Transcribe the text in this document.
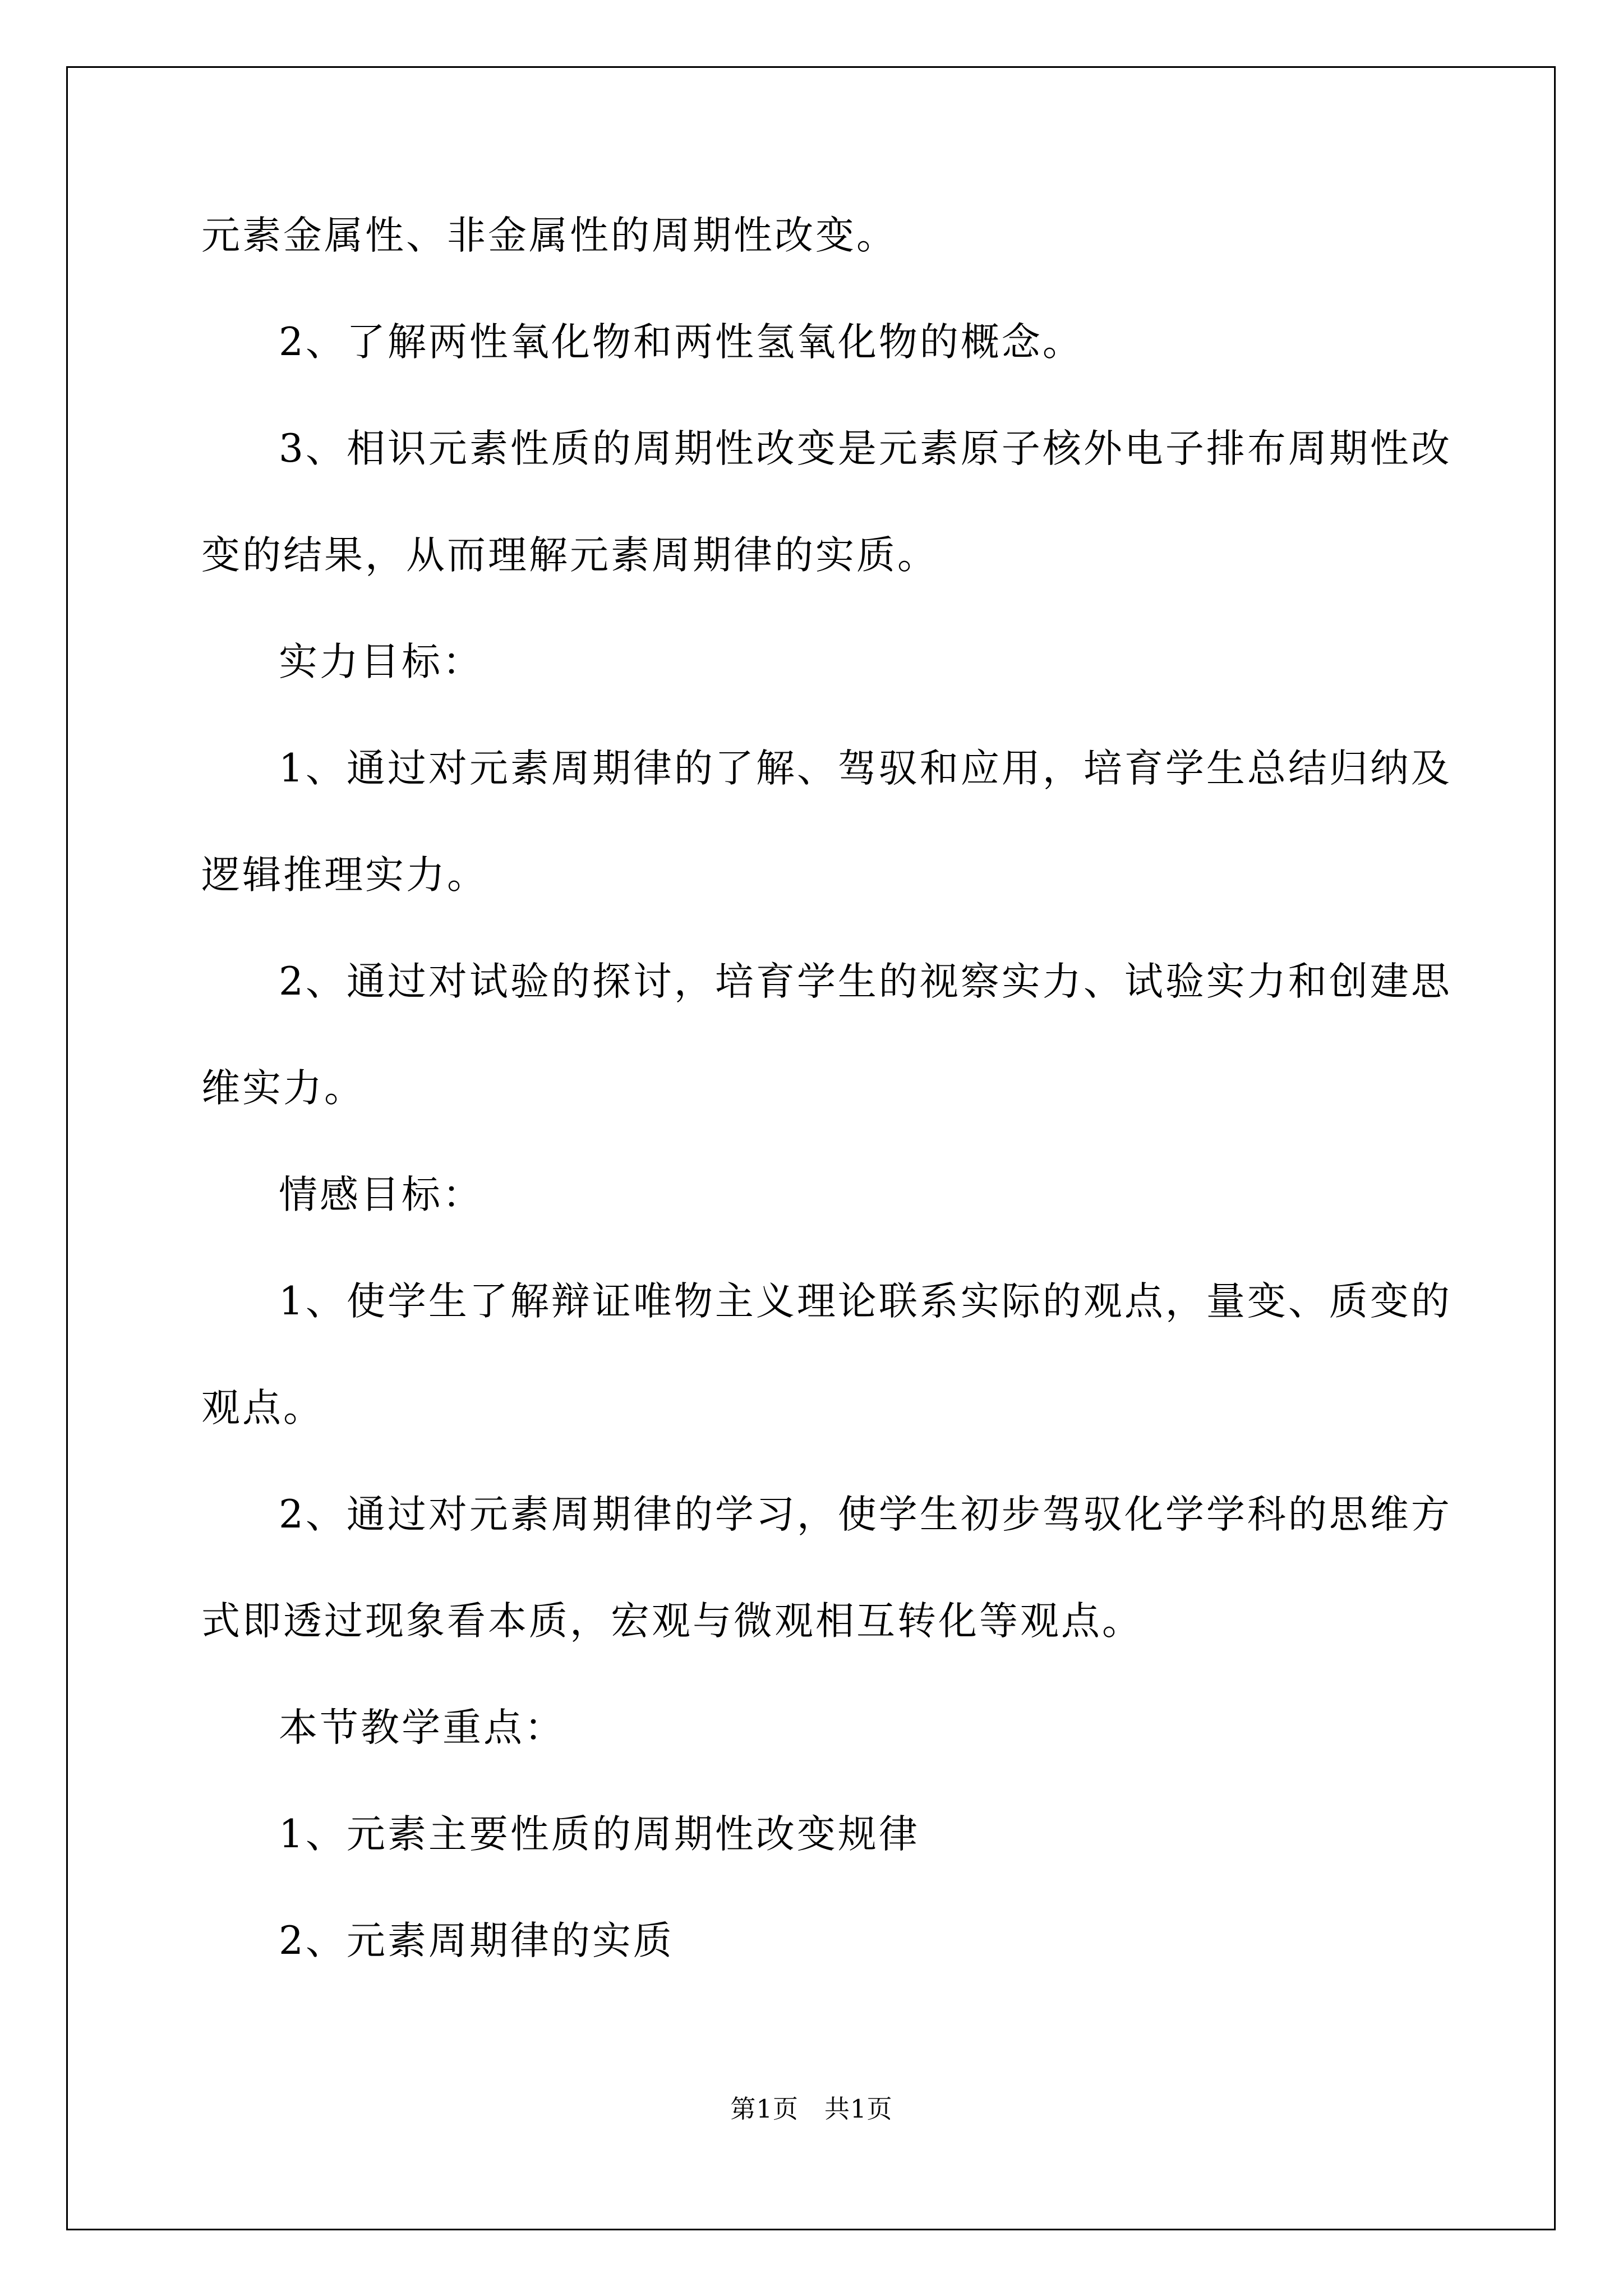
元素金属性、非金属性的周期性改变。
2、了解两性氧化物和两性氢氧化物的概念。
3、相识元素性质的周期性改变是元素原子核外电子排布周期性改
变的结果，从而理解元素周期律的实质。
实力目标：
1、通过对元素周期律的了解、驾驭和应用，培育学生总结归纳及
逻辑推理实力。
2、通过对试验的探讨，培育学生的视察实力、试验实力和创建思
维实力。
情感目标：
1、使学生了解辩证唯物主义理论联系实际的观点，量变、质变的
观点。
2、通过对元素周期律的学习，使学生初步驾驭化学学科的思维方
式即透过现象看本质，宏观与微观相互转化等观点。
本节教学重点：
1、元素主要性质的周期性改变规律
2、元素周期律的实质
第1页　共1页
